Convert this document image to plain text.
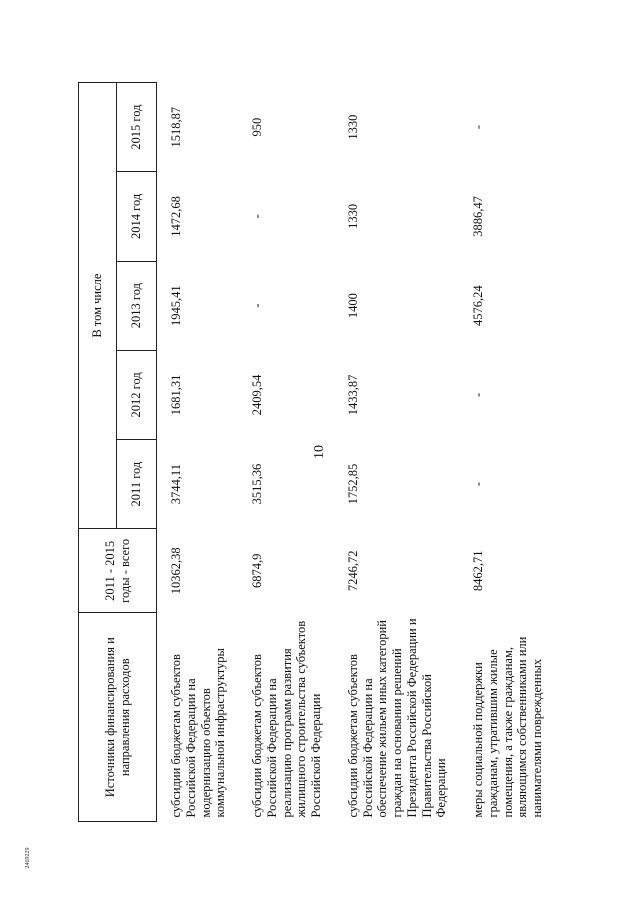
10
2469229
Источники финансирования и направления расходов	2011 - 2015 годы - всего	В том числе				
		2011 год	2012 год	2013 год	2014 год	2015 год
субсидии бюджетам субъектов Российской Федерации на модернизацию объектов коммунальной инфраструктуры	10362,38	3744,11	1681,31	1945,41	1472,68	1518,87
субсидии бюджетам субъектов Российской Федерации на реализацию программ развития жилищного строительства субъектов Российской Федерации	6874,9	3515,36	2409,54	-	-	950
субсидии бюджетам субъектов Российской Федерации на обеспечение жильем иных категорий граждан на основании решений Президента Российской Федерации и Правительства Российской Федерации	7246,72	1752,85	1433,87	1400	1330	1330
меры социальной поддержки гражданам, утратившим жилые помещения, а также гражданам, являющимся собственниками или нанимателями поврежденных	8462,71	-	-	4576,24	3886,47	-
